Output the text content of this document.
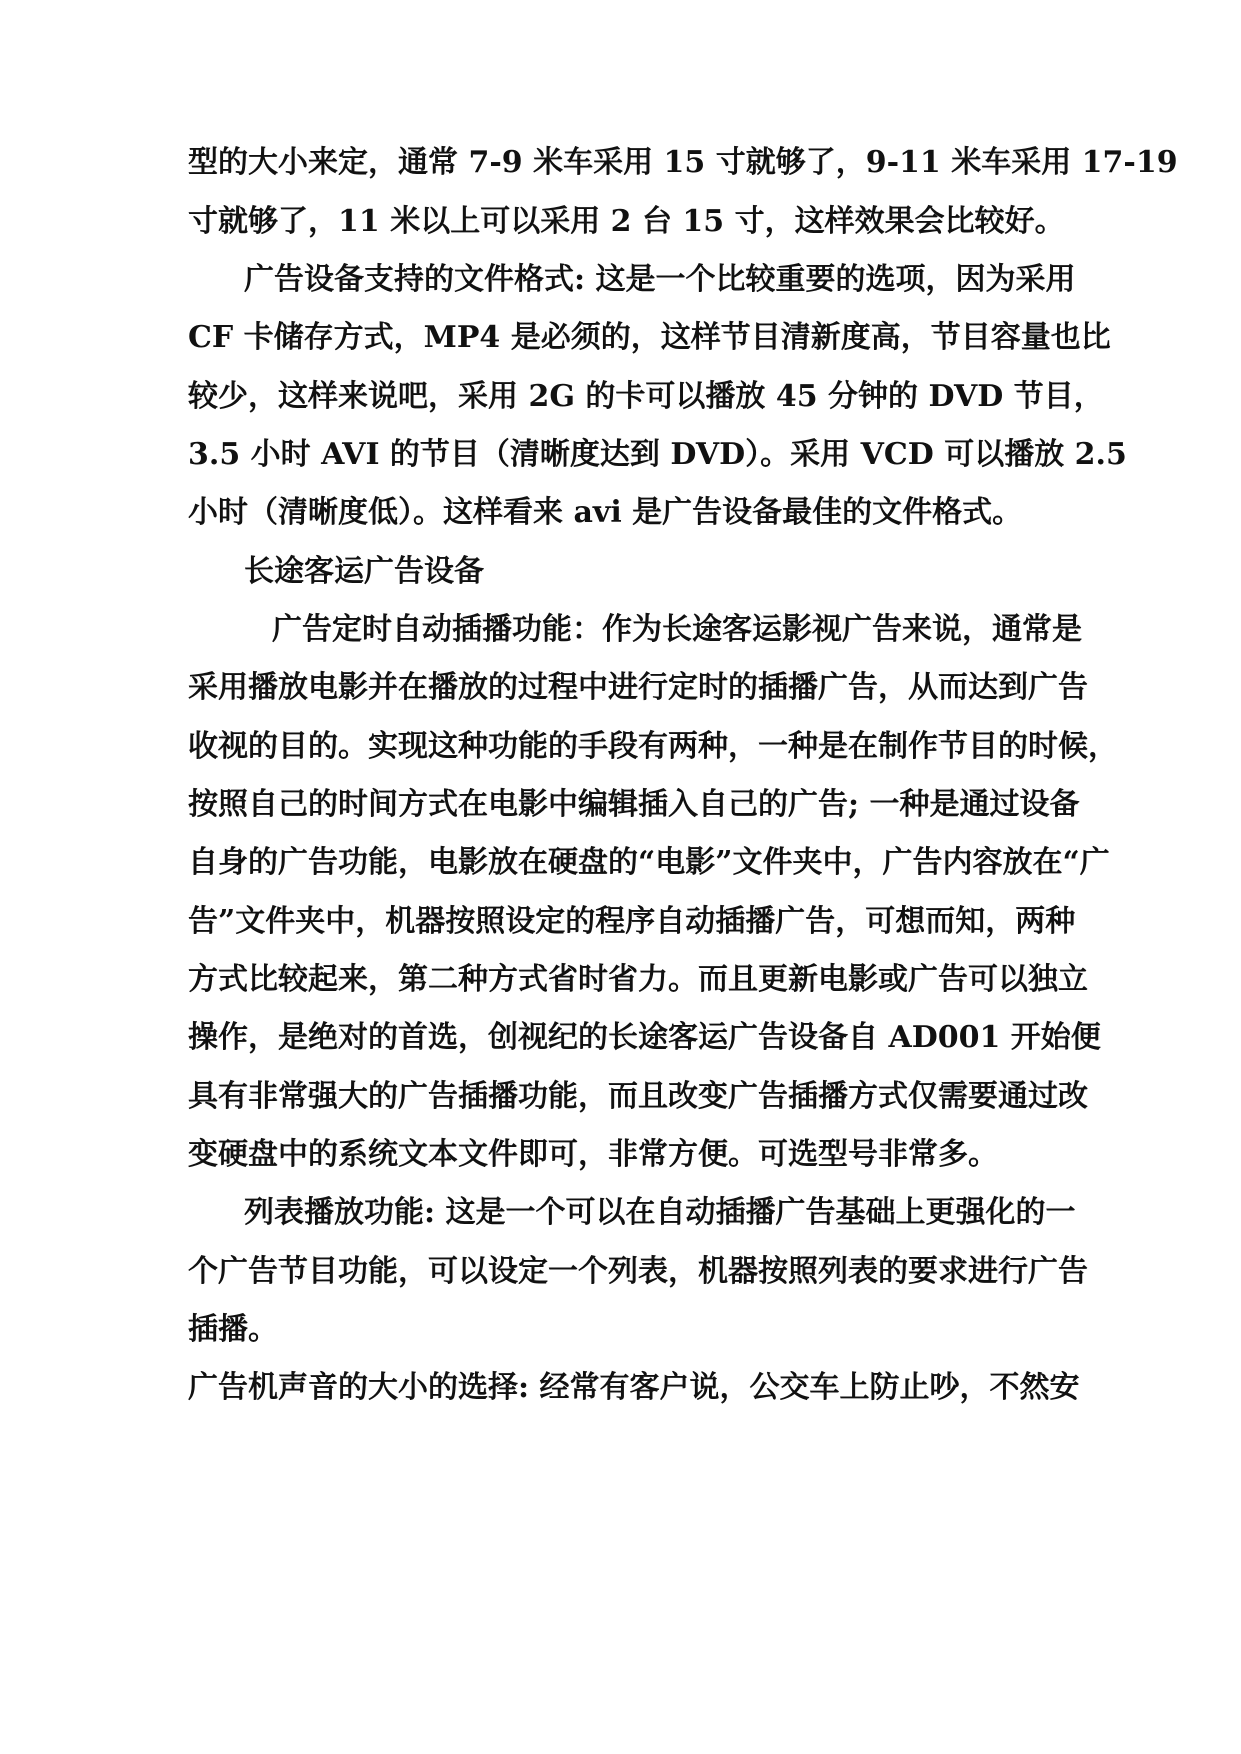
型的大小来定，通常 7-9 米车采用 15 寸就够了，9-11 米车采用 17-19
寸就够了，11 米以上可以采用 2 台 15 寸，这样效果会比较好。
广告设备支持的文件格式: 这是一个比较重要的选项，因为采用
CF 卡储存方式，MP4 是必须的，这样节目清新度高，节目容量也比
较少，这样来说吧，采用 2G 的卡可以播放 45 分钟的 DVD 节目，
3.5 小时 AVI 的节目（清晰度达到 DVD）。采用 VCD 可以播放 2.5
小时（清晰度低）。这样看来 avi 是广告设备最佳的文件格式。
长途客运广告设备
广告定时自动插播功能：作为长途客运影视广告来说，通常是
采用播放电影并在播放的过程中进行定时的插播广告，从而达到广告
收视的目的。实现这种功能的手段有两种，一种是在制作节目的时候，
按照自己的时间方式在电影中编辑插入自己的广告; 一种是通过设备
自身的广告功能，电影放在硬盘的“电影”文件夹中，广告内容放在“广
告”文件夹中，机器按照设定的程序自动插播广告，可想而知，两种
方式比较起来，第二种方式省时省力。而且更新电影或广告可以独立
操作，是绝对的首选，创视纪的长途客运广告设备自 AD001 开始便
具有非常强大的广告插播功能，而且改变广告插播方式仅需要通过改
变硬盘中的系统文本文件即可，非常方便。可选型号非常多。
列表播放功能: 这是一个可以在自动插播广告基础上更强化的一
个广告节目功能，可以设定一个列表，机器按照列表的要求进行广告
插播。
广告机声音的大小的选择: 经常有客户说，公交车上防止吵，不然安
